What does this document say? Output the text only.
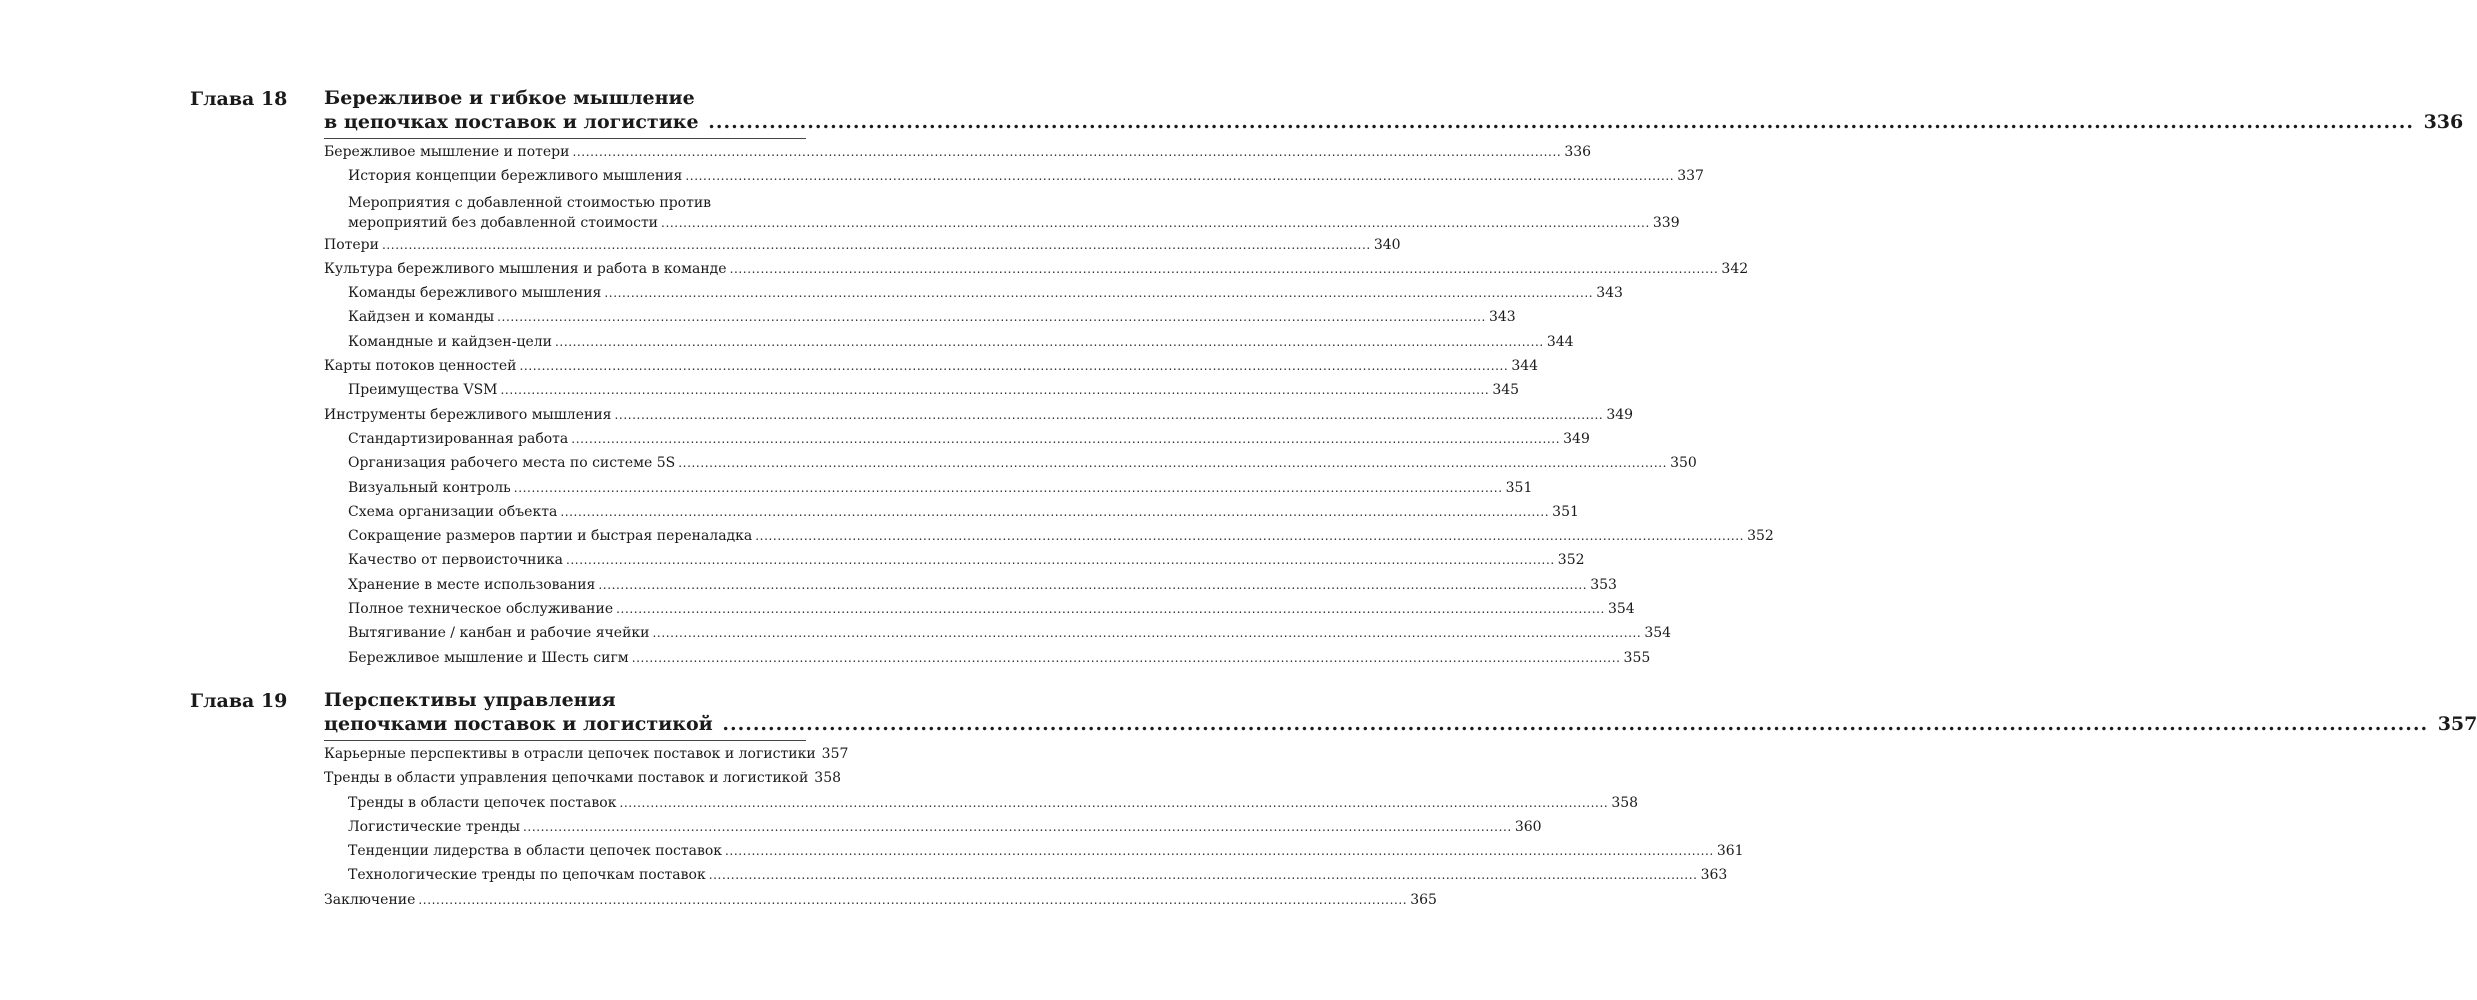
Глава 18 Бережливое и гибкое мышление
в цепочках поставок и логистике .....	336
Бережливое мышление и потери .....	336
История концепции бережливого мышления .....	337
Мероприятия с добавленной стоимостью против
мероприятий без добавленной стоимости .....	339
Потери .....	340
Культура бережливого мышления и работа в команде .....	342
Команды бережливого мышления .....	343
Кайдзен и команды .....	343
Командные и кайдзен-цели .....	344
Карты потоков ценностей .....	344
Преимущества VSM .....	345
Инструменты бережливого мышления .....	349
Стандартизированная работа .....	349
Организация рабочего места по системе 5S .....	350
Визуальный контроль .....	351
Схема организации объекта .....	351
Сокращение размеров партии и быстрая переналадка .....	352
Качество от первоисточника .....	352
Хранение в месте использования .....	353
Полное техническое обслуживание .....	354
Вытягивание / канбан и рабочие ячейки .....	354
Бережливое мышление и Шесть сигм .....	355
Глава 19 Перспективы управления
цепочками поставок и логистикой .....	357
Карьерные перспективы в отрасли цепочек поставок и логистики 357
Тренды в области управления цепочками поставок и логистикой 358
Тренды в области цепочек поставок .....	358
Логистические тренды .....	360
Тенденции лидерства в области цепочек поставок .....	361
Технологические тренды по цепочкам поставок .....	363
Заключение .....	365
